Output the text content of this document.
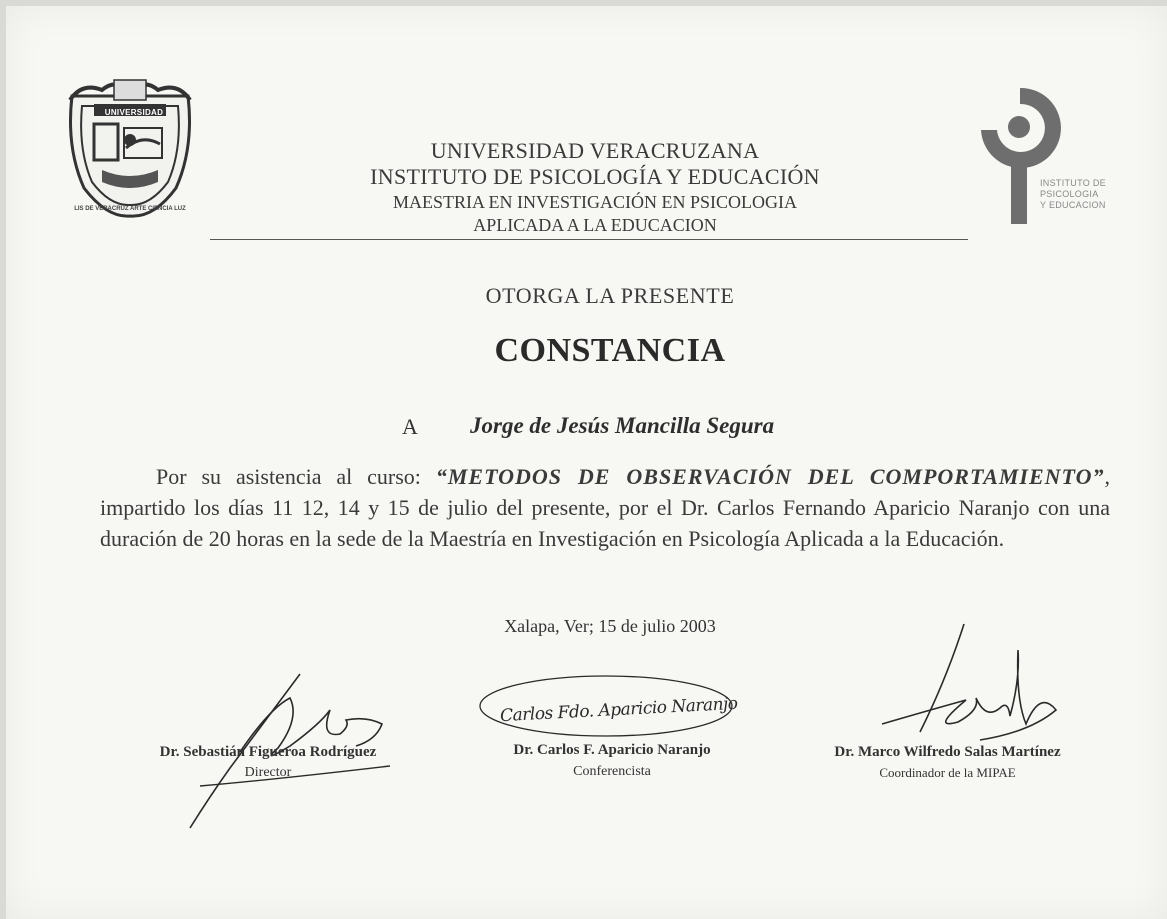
UNIVERSIDAD
LIS DE VERACRUZ ARTE CIENCIA LUZ
INSTITUTO DE
PSICOLOGIA
Y EDUCACION
UNIVERSIDAD VERACRUZANA
INSTITUTO DE PSICOLOGÍA Y EDUCACIÓN
MAESTRIA EN INVESTIGACIÓN EN PSICOLOGIA
APLICADA A LA EDUCACION
OTORGA LA PRESENTE
CONSTANCIA
A Jorge de Jesús Mancilla Segura
Por su asistencia al curso: “METODOS DE OBSERVACIÓN DEL COMPORTAMIENTO”, impartido los días 11 12, 14 y 15 de julio del presente, por el Dr. Carlos Fernando Aparicio Naranjo con una duración de 20 horas en la sede de la Maestría en Investigación en Psicología Aplicada a la Educación.
Xalapa, Ver; 15 de julio 2003
Dr. Sebastián Figueroa Rodríguez
Director
Carlos Fdo. Aparicio Naranjo
Dr. Carlos F. Aparicio Naranjo
Conferencista
Dr. Marco Wilfredo Salas Martínez
Coordinador de la MIPAE
